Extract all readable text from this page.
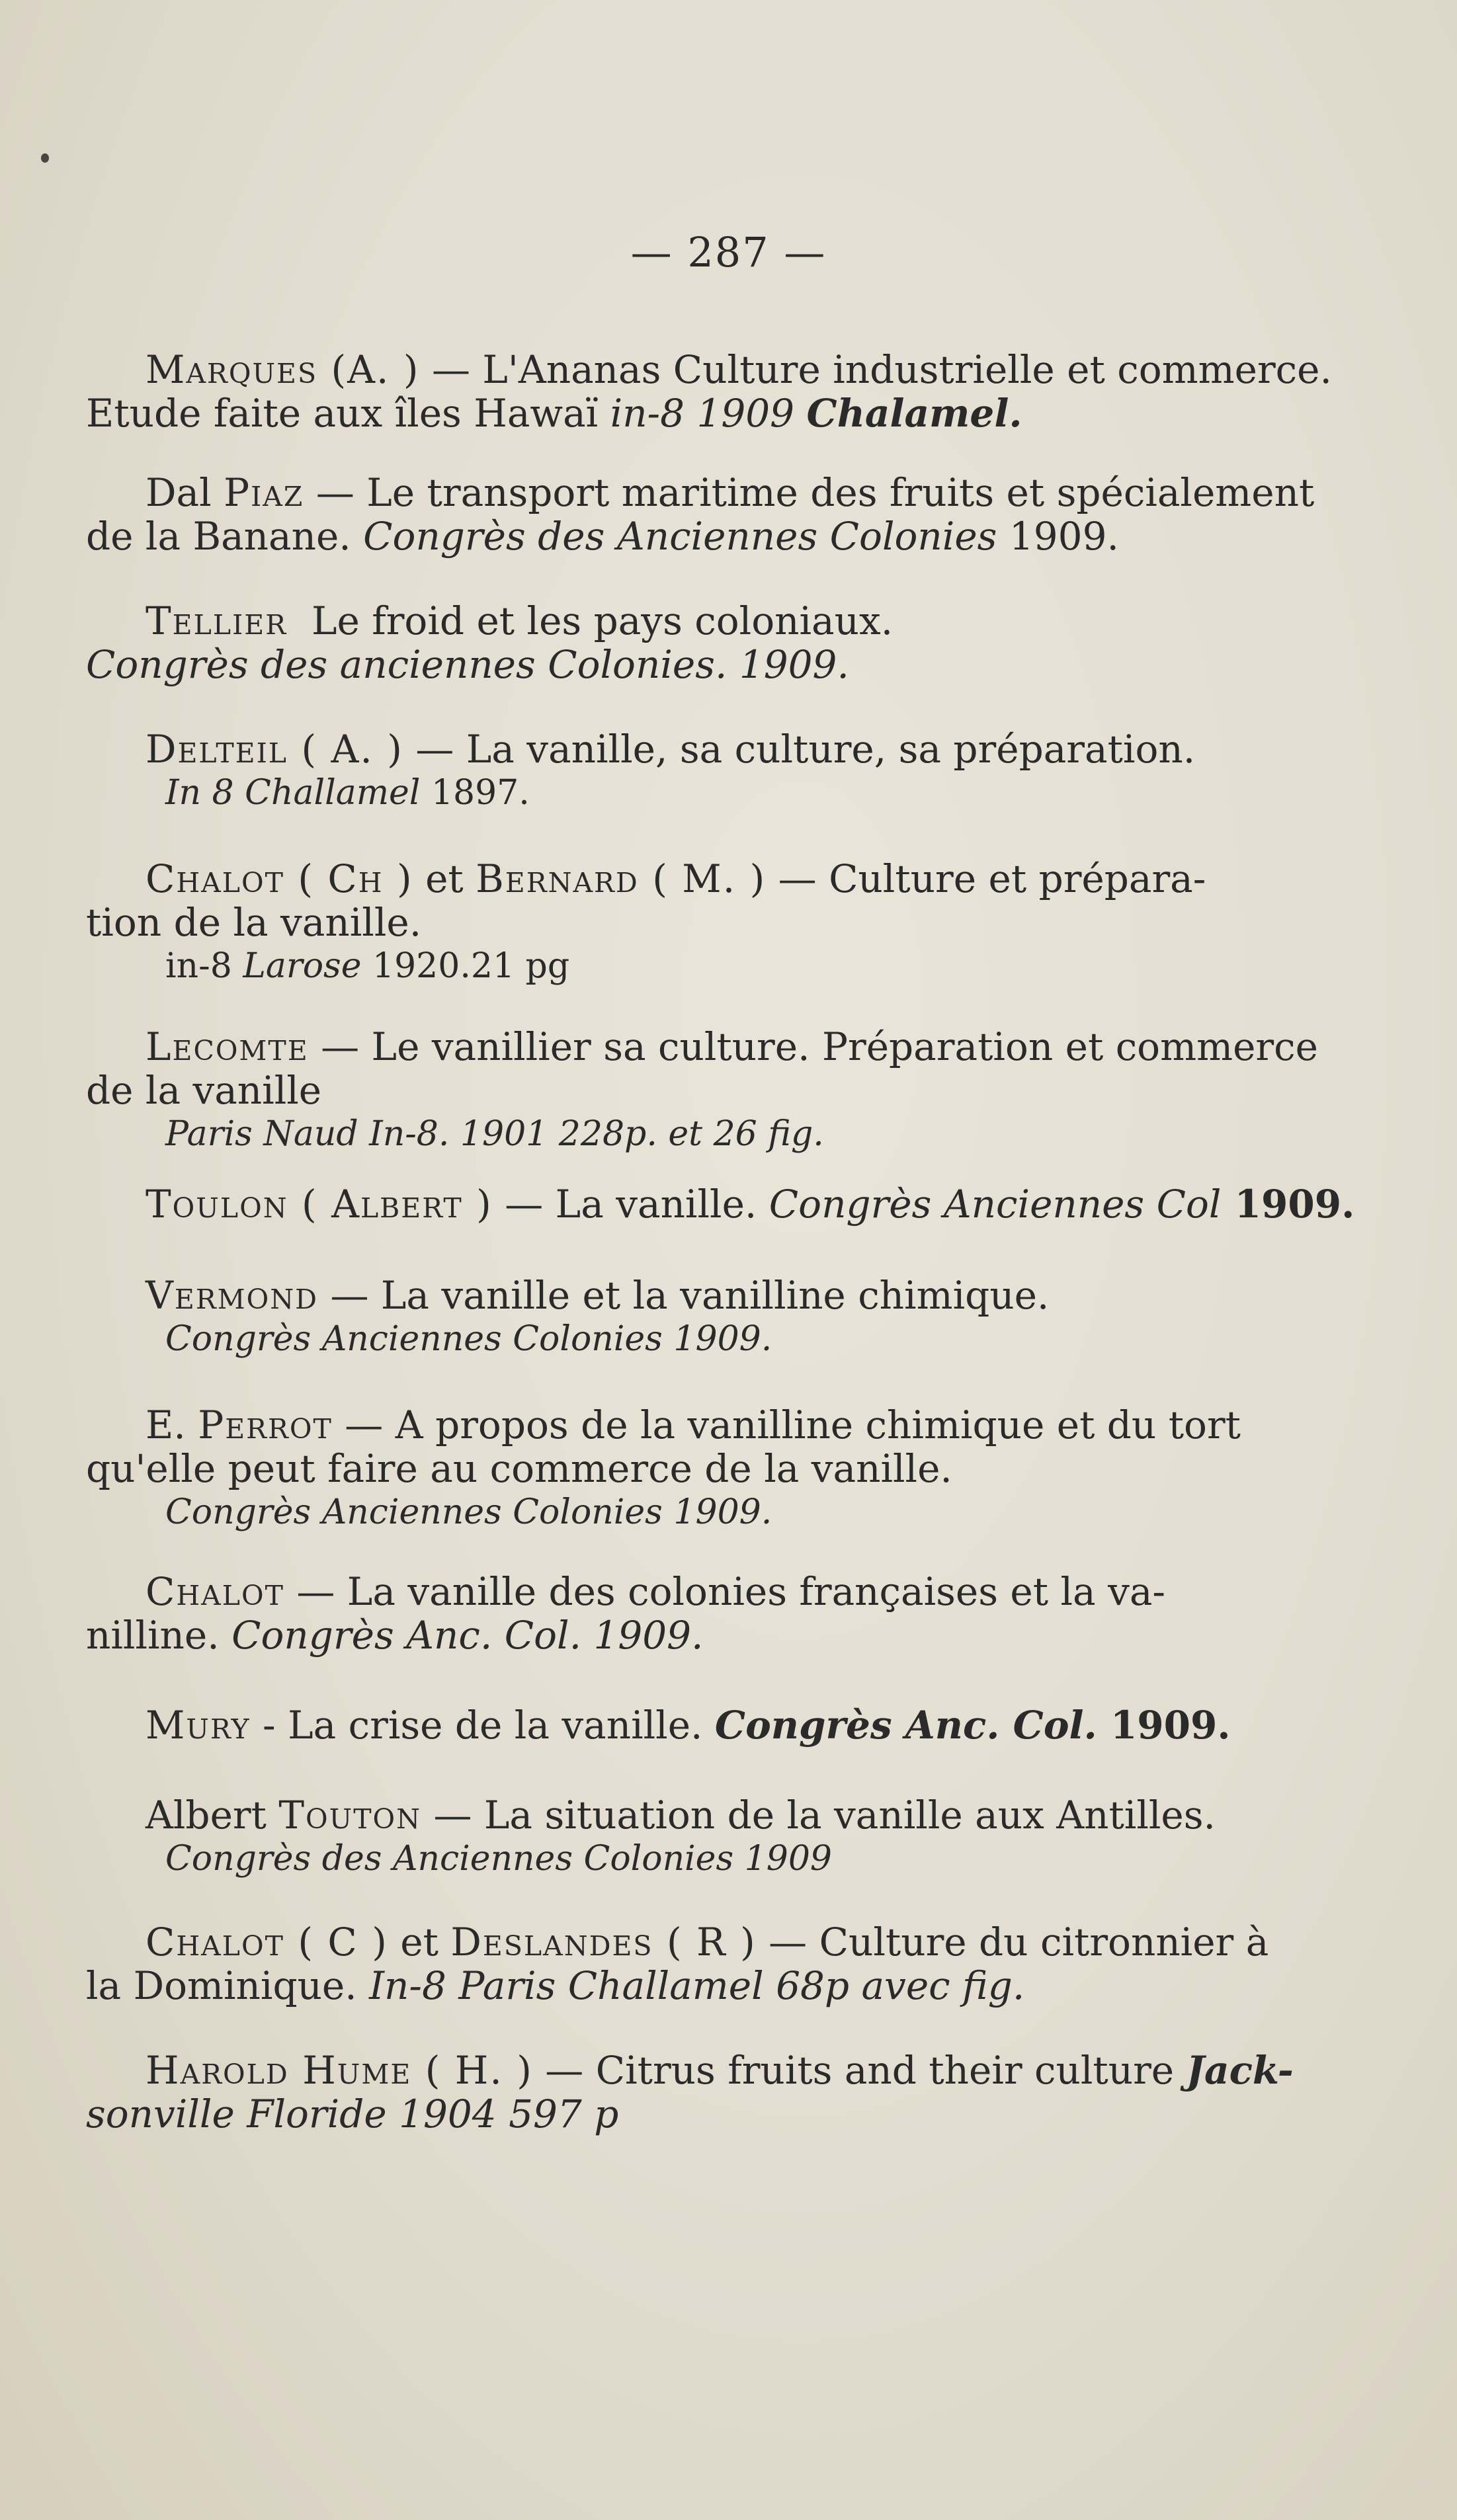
— 287 —
Marques (A. ) — L'Ananas Culture industrielle et commerce.
Etude faite aux îles Hawaï in-8 1909 Chalamel.
Dal Piaz — Le transport maritime des fruits et spécialement
de la Banane. Congrès des Anciennes Colonies 1909.
Tellier  Le froid et les pays coloniaux.
Congrès des anciennes Colonies. 1909.
Delteil ( A. ) — La vanille, sa culture, sa préparation.
In 8 Challamel 1897.
Chalot ( Ch ) et Bernard ( M. ) — Culture et prépara-
tion de la vanille.
in-8 Larose 1920.21 pg
Lecomte — Le vanillier sa culture. Préparation et commerce
de la vanille
Paris Naud In-8. 1901 228p. et 26 fig.
Toulon ( Albert ) — La vanille. Congrès Anciennes Col 1909.
Vermond — La vanille et la vanilline chimique.
Congrès Anciennes Colonies 1909.
E. Perrot — A propos de la vanilline chimique et du tort
qu'elle peut faire au commerce de la vanille.
Congrès Anciennes Colonies 1909.
Chalot — La vanille des colonies françaises et la va-
nilline. Congrès Anc. Col. 1909.
Mury - La crise de la vanille. Congrès Anc. Col. 1909.
Albert Touton — La situation de la vanille aux Antilles.
Congrès des Anciennes Colonies 1909
Chalot ( C ) et Deslandes ( R ) — Culture du citronnier à
la Dominique. In-8 Paris Challamel 68p avec fig.
Harold Hume ( H. ) — Citrus fruits and their culture Jack-
sonville Floride 1904 597 p
